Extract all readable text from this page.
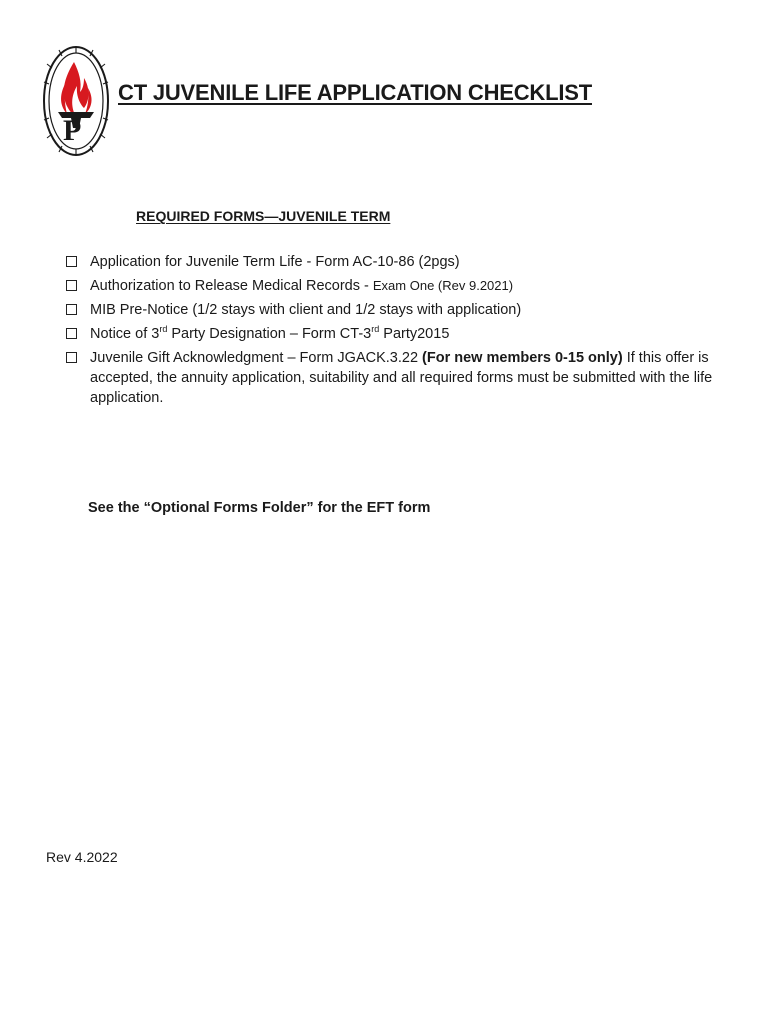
P
CT JUVENILE LIFE APPLICATION CHECKLIST
REQUIRED FORMS—JUVENILE TERM
Application for Juvenile Term Life - Form AC-10-86 (2pgs)
Authorization to Release Medical Records - Exam One (Rev 9.2021)
MIB Pre-Notice (1/2 stays with client and 1/2 stays with application)
Notice of 3rd Party Designation – Form CT-3rd Party2015
Juvenile Gift Acknowledgment – Form JGACK.3.22 (For new members 0-15 only) If this offer is accepted, the annuity application, suitability and all required forms must be submitted with the life application.
See the “Optional Forms Folder” for the EFT form
Rev 4.2022
